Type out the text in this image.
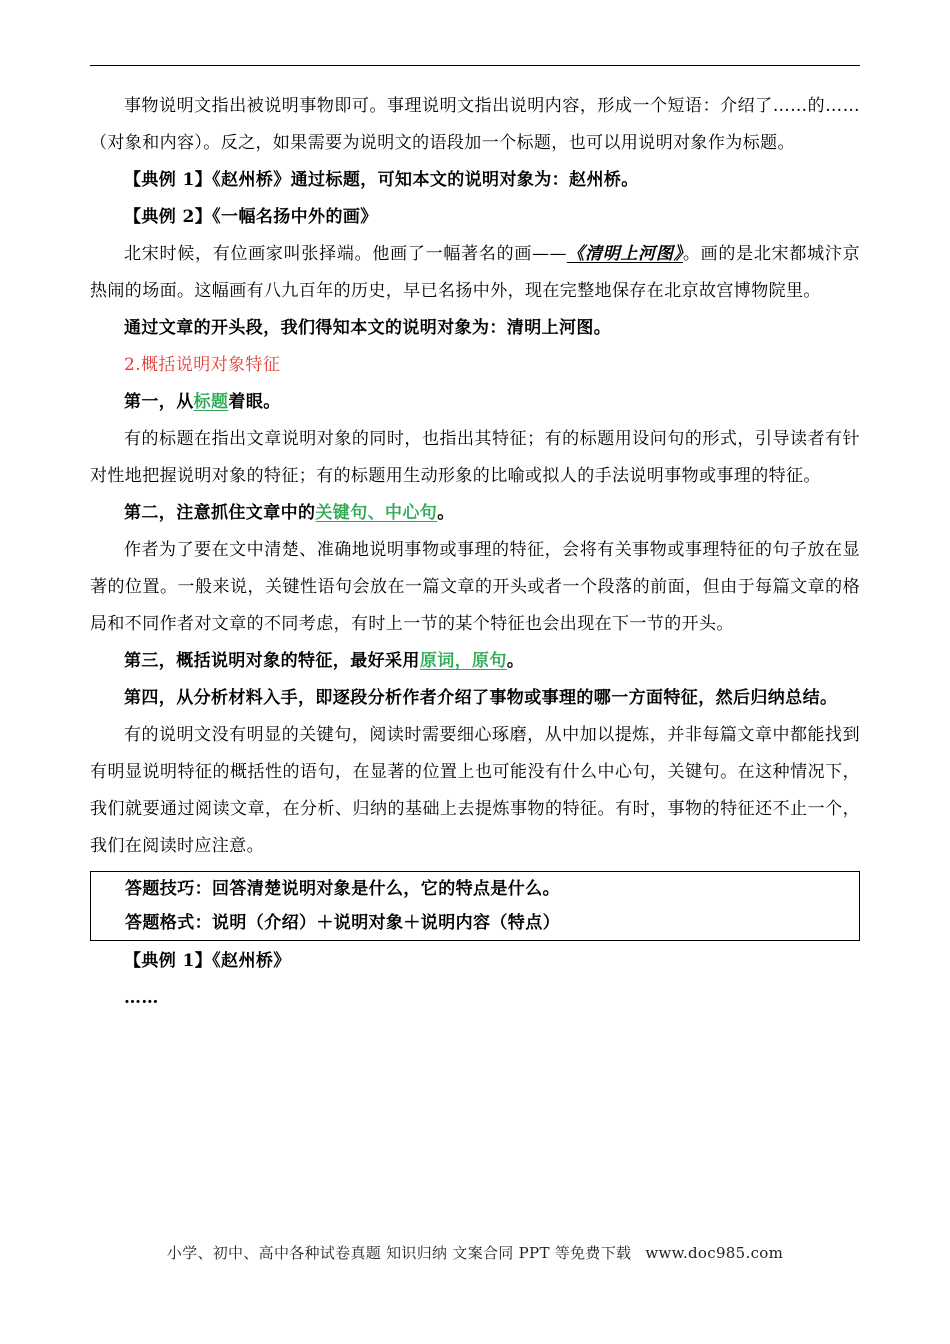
事物说明文指出被说明事物即可。事理说明文指出说明内容，形成一个短语：介绍了……的……（对象和内容）。反之，如果需要为说明文的语段加一个标题，也可以用说明对象作为标题。

【典例 1】《赵州桥》通过标题，可知本文的说明对象为：赵州桥。

【典例 2】《一幅名扬中外的画》

北宋时候，有位画家叫张择端。他画了一幅著名的画——《清明上河图》。画的是北宋都城汴京热闹的场面。这幅画有八九百年的历史，早已名扬中外，现在完整地保存在北京故宫博物院里。

通过文章的开头段，我们得知本文的说明对象为：清明上河图。

2.概括说明对象特征

第一，从标题着眼。

有的标题在指出文章说明对象的同时，也指出其特征；有的标题用设问句的形式，引导读者有针对性地把握说明对象的特征；有的标题用生动形象的比喻或拟人的手法说明事物或事理的特征。

第二，注意抓住文章中的关键句、中心句。

作者为了要在文中清楚、准确地说明事物或事理的特征，会将有关事物或事理特征的句子放在显著的位置。一般来说，关键性语句会放在一篇文章的开头或者一个段落的前面，但由于每篇文章的格局和不同作者对文章的不同考虑，有时上一节的某个特征也会出现在下一节的开头。

第三，概括说明对象的特征，最好采用原词，原句。

第四，从分析材料入手，即逐段分析作者介绍了事物或事理的哪一方面特征，然后归纳总结。

有的说明文没有明显的关键句，阅读时需要细心琢磨，从中加以提炼，并非每篇文章中都能找到有明显说明特征的概括性的语句，在显著的位置上也可能没有什么中心句，关键句。在这种情况下，我们就要通过阅读文章，在分析、归纳的基础上去提炼事物的特征。有时，事物的特征还不止一个，我们在阅读时应注意。

答题技巧：回答清楚说明对象是什么，它的特点是什么。

答题格式：说明（介绍）＋说明对象＋说明内容（特点）

【典例 1】《赵州桥》

……

小学、初中、高中各种试卷真题 知识归纳 文案合同 PPT 等免费下载 www.doc985.com
